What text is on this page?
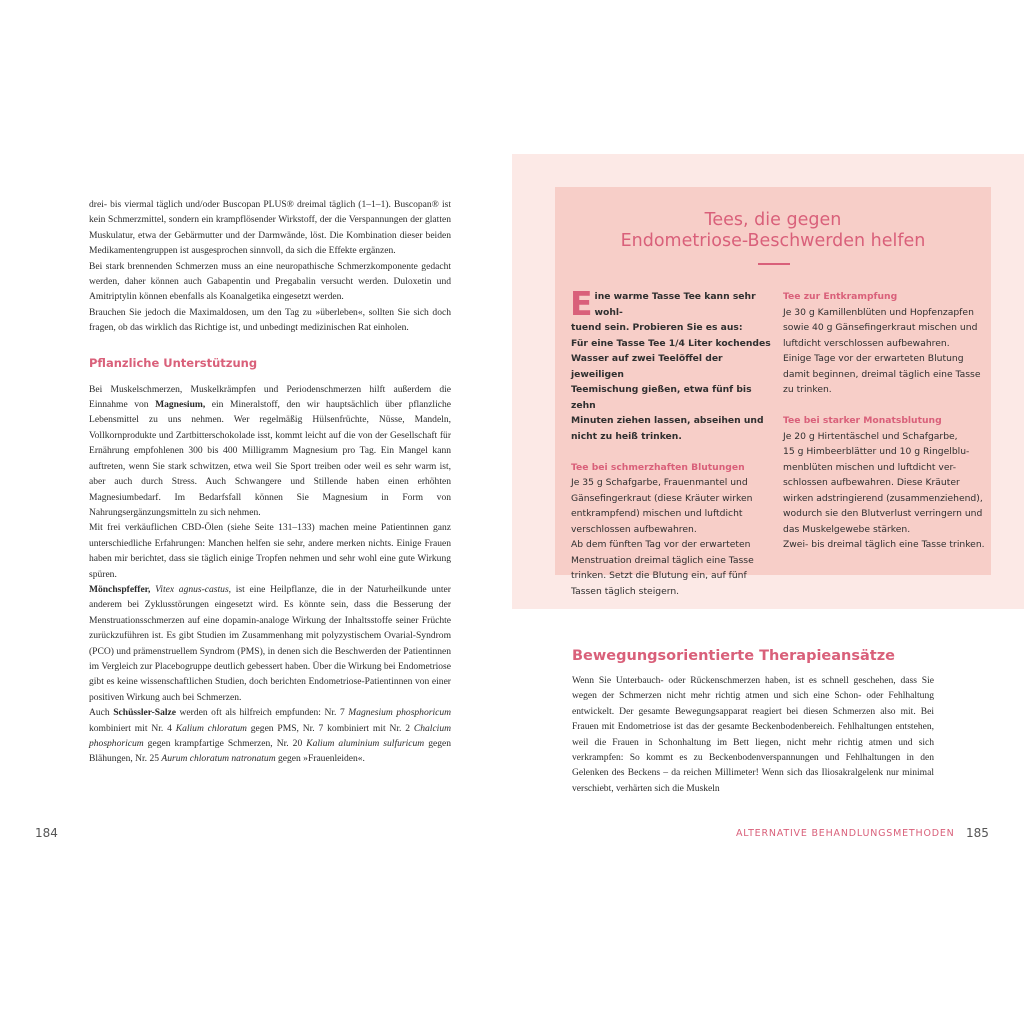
drei- bis viermal täglich und/oder Buscopan PLUS® dreimal täglich (1–1–1). Buscopan® ist kein Schmerzmittel, sondern ein krampflösender Wirkstoff, der die Verspannungen der glatten Muskulatur, etwa der Gebärmutter und der Darmwände, löst. Die Kombination dieser beiden Medikamentengruppen ist ausgesprochen sinnvoll, da sich die Effekte ergänzen.

Bei stark brennenden Schmerzen muss an eine neuropathische Schmerzkomponente gedacht werden, daher können auch Gabapentin und Pregabalin versucht werden. Duloxetin und Amitriptylin können ebenfalls als Koanalgetika eingesetzt werden.

Brauchen Sie jedoch die Maximaldosen, um den Tag zu »überleben«, sollten Sie sich doch fragen, ob das wirklich das Richtige ist, und unbedingt medizinischen Rat einholen.

Pflanzliche Unterstützung

Bei Muskelschmerzen, Muskelkrämpfen und Periodenschmerzen hilft außerdem die Einnahme von Magnesium, ein Mineralstoff, den wir hauptsächlich über pflanzliche Lebensmittel zu uns nehmen. Wer regelmäßig Hülsenfrüchte, Nüsse, Mandeln, Vollkornprodukte und Zartbitterschokolade isst, kommt leicht auf die von der Gesellschaft für Ernährung empfohlenen 300 bis 400 Milligramm Magnesium pro Tag. Ein Mangel kann auftreten, wenn Sie stark schwitzen, etwa weil Sie Sport treiben oder weil es sehr warm ist, aber auch durch Stress. Auch Schwangere und Stillende haben einen erhöhten Magnesiumbedarf. Im Bedarfsfall können Sie Magnesium in Form von Nahrungsergänzungsmitteln zu sich nehmen.

Mit frei verkäuflichen CBD-Ölen (siehe Seite 131–133) machen meine Patientinnen ganz unterschiedliche Erfahrungen: Manchen helfen sie sehr, andere merken nichts. Einige Frauen haben mir berichtet, dass sie täglich einige Tropfen nehmen und sehr wohl eine gute Wirkung spüren.

Mönchspfeffer, Vitex agnus-castus, ist eine Heilpflanze, die in der Naturheilkunde unter anderem bei Zyklusstörungen eingesetzt wird. Es könnte sein, dass die Besserung der Menstruationsschmerzen auf eine dopamin-analoge Wirkung der Inhaltsstoffe seiner Früchte zurückzuführen ist. Es gibt Studien im Zusammenhang mit polyzystischem Ovarial-Syndrom (PCO) und prämenstruellem Syndrom (PMS), in denen sich die Beschwerden der Patientinnen im Vergleich zur Placebogruppe deutlich gebessert haben. Über die Wirkung bei Endometriose gibt es keine wissenschaftlichen Studien, doch berichten Endometriose-Patientinnen von einer positiven Wirkung auch bei Schmerzen.

Auch Schüssler-Salze werden oft als hilfreich empfunden: Nr. 7 Magnesium phosphoricum kombiniert mit Nr. 4 Kalium chloratum gegen PMS, Nr. 7 kombiniert mit Nr. 2 Chalcium phosphoricum gegen krampfartige Schmerzen, Nr. 20 Kalium aluminium sulfuricum gegen Blähungen, Nr. 25 Aurum chloratum natronatum gegen »Frauenleiden«.

Tees, die gegen
Endometriose-Beschwerden helfen
E ine warme Tasse Tee kann sehr wohl-
tuend sein. Probieren Sie es aus:
Für eine Tasse Tee 1/4 Liter kochendes
Wasser auf zwei Teelöffel der jeweiligen
Teemischung gießen, etwa fünf bis zehn
Minuten ziehen lassen, abseihen und
nicht zu heiß trinken.
Tee bei schmerzhaften Blutungen
Je 35 g Schafgarbe, Frauenmantel und
Gänsefingerkraut (diese Kräuter wirken
entkrampfend) mischen und luftdicht
verschlossen aufbewahren.
Ab dem fünften Tag vor der erwarteten
Menstruation dreimal täglich eine Tasse
trinken. Setzt die Blutung ein, auf fünf
Tassen täglich steigern.
Tee zur Entkrampfung
Je 30 g Kamillenblüten und Hopfenzapfen
sowie 40 g Gänsefingerkraut mischen und
luftdicht verschlossen aufbewahren.
Einige Tage vor der erwarteten Blutung
damit beginnen, dreimal täglich eine Tasse
zu trinken.
Tee bei starker Monatsblutung
Je 20 g Hirtentäschel und Schafgarbe,
15 g Himbeerblätter und 10 g Ringelblu-
menblüten mischen und luftdicht ver-
schlossen aufbewahren. Diese Kräuter
wirken adstringierend (zusammenziehend),
wodurch sie den Blutverlust verringern und
das Muskelgewebe stärken.
Zwei- bis dreimal täglich eine Tasse trinken.
Bewegungsorientierte Therapieansätze

Wenn Sie Unterbauch- oder Rückenschmerzen haben, ist es schnell geschehen, dass Sie wegen der Schmerzen nicht mehr richtig atmen und sich eine Schon- oder Fehlhaltung entwickelt. Der gesamte Bewegungsapparat reagiert bei diesen Schmerzen also mit. Bei Frauen mit Endometriose ist das der gesamte Beckenbodenbereich. Fehlhaltungen entstehen, weil die Frauen in Schonhaltung im Bett liegen, nicht mehr richtig atmen und sich verkrampfen: So kommt es zu Beckenbodenverspannungen und Fehlhaltungen in den Gelenken des Beckens – da reichen Millimeter! Wenn sich das Iliosakralgelenk nur minimal verschiebt, verhärten sich die Muskeln

184	ALTERNATIVE BEHANDLUNGSMETHODEN 185
